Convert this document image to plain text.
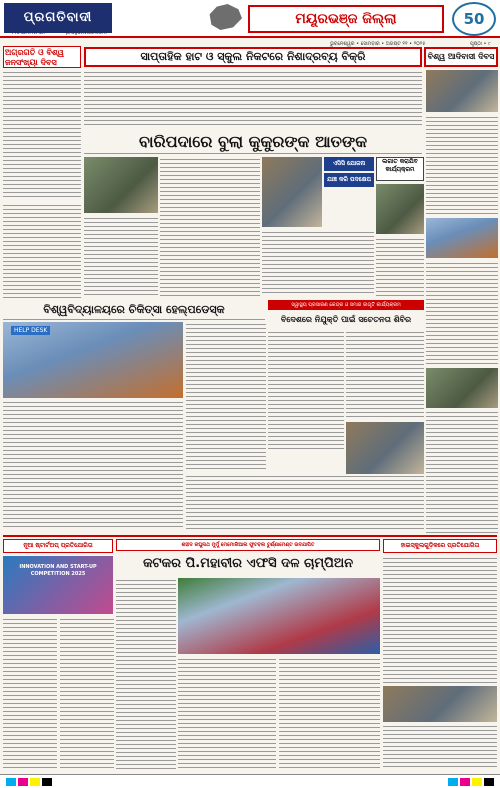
ପ୍ରଗତିବାଦୀ
PRAGATIVADI	pragativadi.com
ମୟୂରଭଞ୍ଜ ଜିଲ୍ଲା	50
ଭୁବନେଶ୍ୱର • ସୋମବାର • ଅଗଷ୍ଟ ୧୧ • ୨୦୨୫	ପୃଷ୍ଠା • ୯
ଅଗ୍ରଗତି ଓ ବିଶ୍ୱ ଜନସଂଖ୍ୟା ଦିବସ	ସାପ୍ତାହିକ ହାଟ ଓ ସ୍କୁଲ ନିକଟରେ ନିଶାଦ୍ରବ୍ୟ ବିକ୍ରି	ବିଶ୍ୱ ଆଦିବାସୀ ଦିବସ
ବାରିପଦାରେ ବୁଲା କୁକୁରଙ୍କ ଆତଙ୍କ
ଏସିସି ଯୋଜନା
ଯାଞ୍ଚ କରି ପଦକ୍ଷେପ
ଲଗାତ କରାଯିବ କାର୍ଯ୍ୟକ୍ରମ
ବିଶ୍ୱବିଦ୍ୟାଳୟରେ ଚିକିତ୍ସା ହେଲ୍ପଡେସ୍କ
HELP DESK
ସ୍ୱାସ୍ଥ୍ୟ ପ୍ରସାରଣ କେନ୍ଦ୍ର ଓ ସମାଜ ଜାଗୃତି କାର୍ଯ୍ୟକ୍ରମ
ବିଦେଶରେ ନିଯୁକ୍ତି ପାଇଁ ସଚେତନତା ଶିବିର
ନୂଆ ଷ୍ଟାର୍ଟଅପ୍ ପ୍ରତିଯୋଗିତା
INNOVATION AND START-UP COMPETITION 2025
ଶହୀଦ ରଘୁନାଥ ମୁର୍ମୁ ମେମୋରିଆଲ ଫୁଟବଲ ଟୁର୍ଣ୍ଣାମେଣ୍ଟ ଉଦଯାପିତ
କଟକର ପି.ମହାବୀର ଏଫସି ଦଳ ଚାମ୍ପିଅନ
ହାଇସ୍କୁଲଗୁଡ଼ିକରେ ପ୍ରତିଯୋଗିତା
